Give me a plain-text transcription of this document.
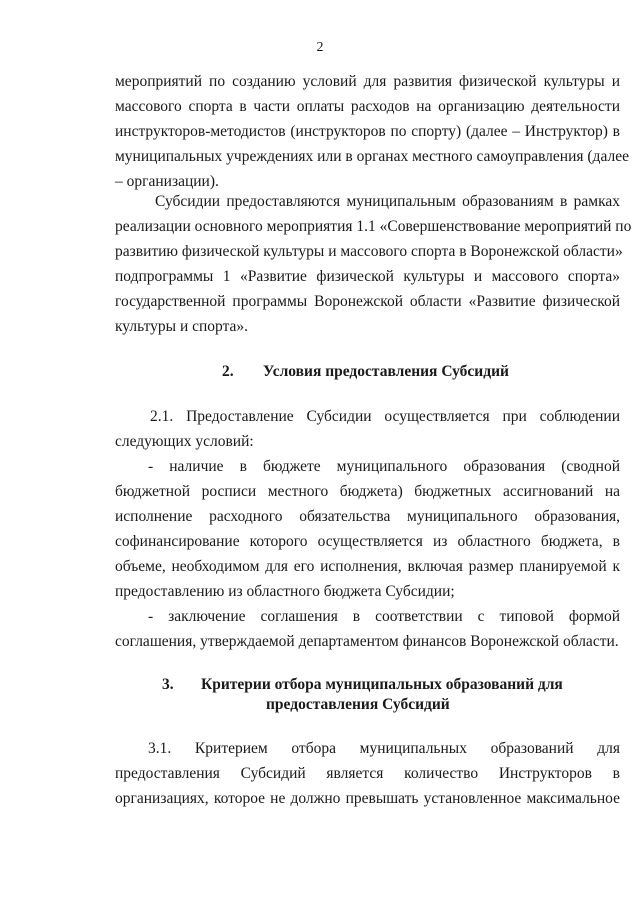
2
мероприятий по созданию условий для развития физической культуры и
массового спорта в части оплаты расходов на организацию деятельности
инструкторов-методистов (инструкторов по спорту) (далее – Инструктор) в
муниципальных учреждениях или в органах местного самоуправления (далее
– организации).
Субсидии предоставляются муниципальным образованиям в рамках
реализации основного мероприятия 1.1 «Совершенствование мероприятий по
развитию физической культуры и массового спорта в Воронежской области»
подпрограммы 1 «Развитие физической культуры и массового спорта»
государственной программы Воронежской области «Развитие физической
культуры и спорта».
2. Условия предоставления Субсидий
2.1. Предоставление Субсидии осуществляется при соблюдении
следующих условий:
- наличие в бюджете муниципального образования (сводной
бюджетной росписи местного бюджета) бюджетных ассигнований на
исполнение расходного обязательства муниципального образования,
софинансирование которого осуществляется из областного бюджета, в
объеме, необходимом для его исполнения, включая размер планируемой к
предоставлению из областного бюджета Субсидии;
- заключение соглашения в соответствии с типовой формой
соглашения, утверждаемой департаментом финансов Воронежской области.
3. Критерии отбора муниципальных образований для
предоставления Субсидий
3.1. Критерием отбора муниципальных образований для
предоставления Субсидий является количество Инструкторов в
организациях, которое не должно превышать установленное максимальное
